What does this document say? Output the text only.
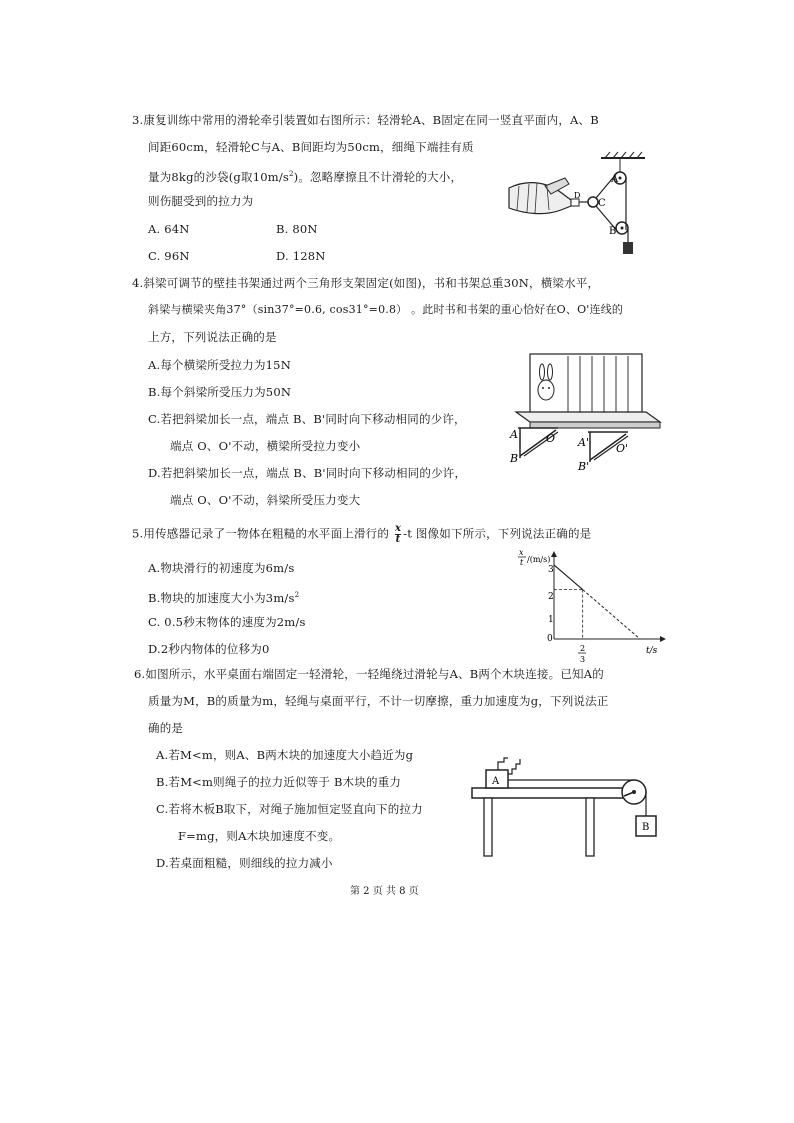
3.康复训练中常用的滑轮牵引装置如右图所示：轻滑轮A、B固定在同一竖直平面内，A、B
间距60cm，轻滑轮C与A、B间距均为50cm，细绳下端挂有质
量为8kg的沙袋(g取$10m/s^2$)。忽略摩擦且不计滑轮的大小，
则伤腿受到的拉力为
A. 64N	B. 80N
C. 96N	D. 128N
A
B
C
D
4.斜梁可调节的壁挂书架通过两个三角形支架固定(如图)，书和书架总重30N，横梁水平，
斜梁与横梁夹角37°（sin37°=0.6, cos31°=0.8） 。此时书和书架的重心恰好在O、O'连线的
上方，下列说法正确的是
A.每个横梁所受拉力为15N
B.每个斜梁所受压力为50N
C.若把斜梁加长一点，端点 B、B'同时向下移动相同的少许，
端点 O、O'不动，横梁所受拉力变小
D.若把斜梁加长一点，端点 B、B'同时向下移动相同的少许，
端点 O、O'不动，斜梁所受压力变大
A
B
O A'
B'
O'
5.用传感器记录了一物体在粗糙的水平面上滑行的 $\frac{x}{t} -t$ 图像如下所示，下列说法正确的是
A.物块滑行的初速度为6m/s
B.物块的加速度大小为$3m/s^2$
C. 0.5秒末物体的速度为2m/s
D.2秒内物体的位移为0
x
t /(m/s)
3
2
1
0
t/s
2
3
6.如图所示，水平桌面右端固定一轻滑轮，一轻绳绕过滑轮与A、B两个木块连接。已知A的
质量为M，B的质量为m，轻绳与桌面平行，不计一切摩擦，重力加速度为g，下列说法正
确的是
A.若M<m，则A、B两木块的加速度大小趋近为g
B.若M<m则绳子的拉力近似等于 B木块的重力
C.若将木板B取下，对绳子施加恒定竖直向下的拉力
F=mg，则A木块加速度不变。
D.若桌面粗糙，则细线的拉力减小
A
B
第 2 页 共 8 页
